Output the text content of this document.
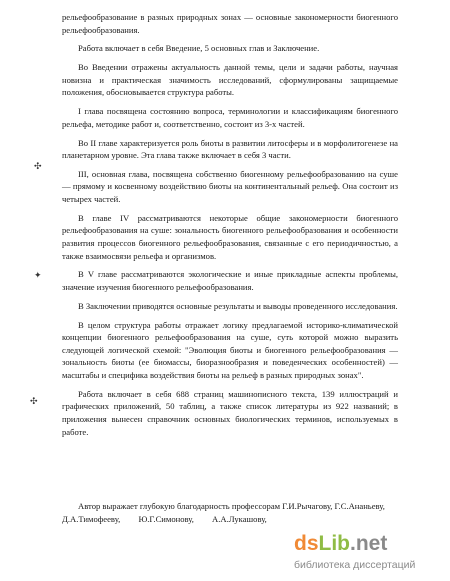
✣
✦
✣

рельефообразование в разных природных зонах — основные закономерности биогенного рельефообразования.

Работа включает в себя Введение, 5 основных глав и Заключение.

Во Введении отражены актуальность данной темы, цели и задачи работы, научная новизна и практическая значимость исследований, сформулированы защищаемые положения, обосновывается структура работы.

I глава посвящена состоянию вопроса, терминологии и классификациям биогенного рельефа, методике работ и, соответственно, состоит из 3-х частей.

Во II главе характеризуется роль биоты в развитии литосферы и в морфолитогенезе на планетарном уровне. Эта глава также включает в себя 3 части.

III, основная глава, посвящена собственно биогенному рельефообразованию на суше — прямому и косвенному воздействию биоты на континентальный рельеф. Она состоит из четырех частей.

В главе IV рассматриваются некоторые общие закономерности биогенного рельефообразования на суше: зональность биогенного рельефообразования и особенности развития процессов биогенного рельефообразования, связанные с его периодичностью, а также взаимосвязи рельефа и организмов.

В V главе рассматриваются экологические и иные прикладные аспекты проблемы, значение изучения биогенного рельефообразования.

В Заключении приводятся основные результаты и выводы проведенного исследования.

В целом структура работы отражает логику предлагаемой историко-климатической концепции биогенного рельефообразования на суше, суть которой можно выразить следующей логической схемой: "Эволюция биоты и биогенного рельефообразования — зональность биоты (ее биомассы, биоразнообразия и поведенческих особенностей) — масштабы и специфика воздействия биоты на рельеф в разных природных зонах".

Работа включает в себя 688 страниц машинописного текста, 139 иллюстраций и графических приложений, 50 таблиц, а также список литературы из 922 названий; в приложения вынесен справочник основных биологических терминов, используемых в работе.

Автор выражает глубокую благодарность профессорам Г.И.Рычагову, Г.С.Ананьеву,

Д.А.Тимофееву, Ю.Г.Симонову, А.А.Лукашову,

dsLib.net
библиотека диссертаций
